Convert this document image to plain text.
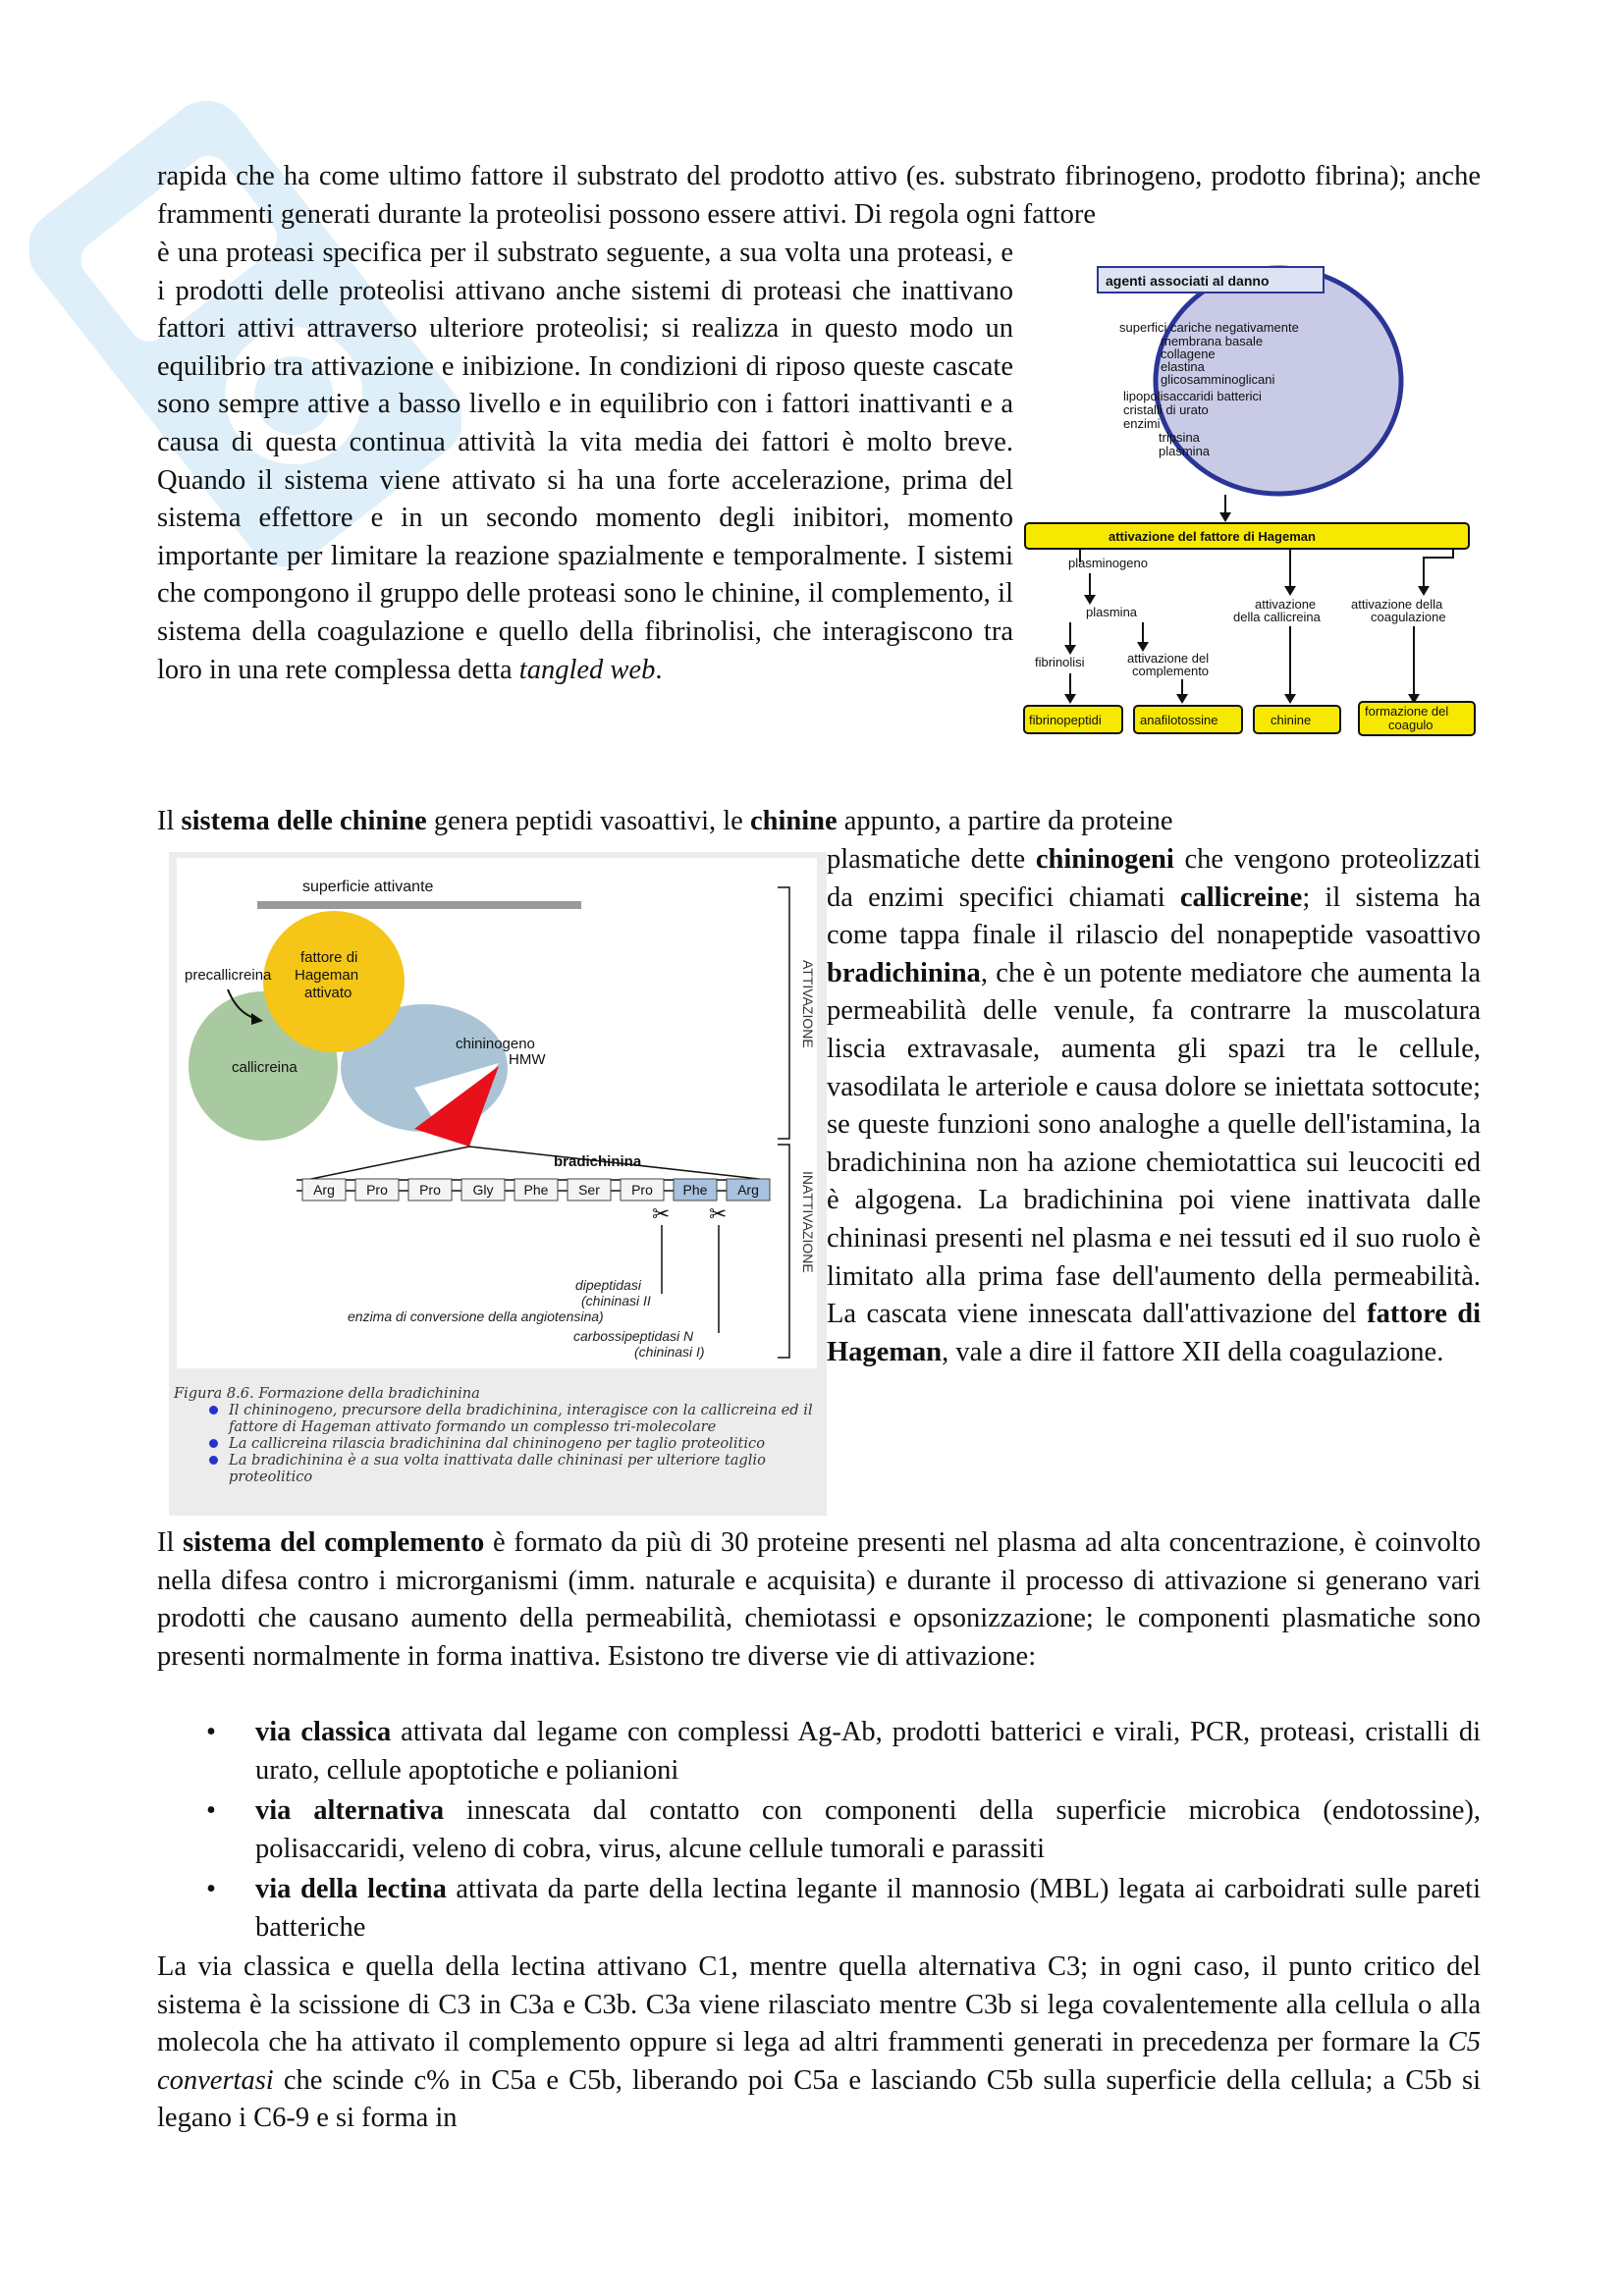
rapida che ha come ultimo fattore il substrato del prodotto attivo (es. substrato fibrinogeno, prodotto fibrina); anche frammenti generati durante la proteolisi possono essere attivi. Di regola ogni fattore
è una proteasi specifica per il substrato seguente, a sua volta una proteasi, e i prodotti delle proteolisi attivano anche sistemi di proteasi che inattivano fattori attivi attraverso ulteriore proteolisi; si realizza in questo modo un equilibrio tra attivazione e inibizione. In condizioni di riposo queste cascate sono sempre attive a basso livello e in equilibrio con i fattori inattivanti e a causa di questa continua attività la vita media dei fattori è molto breve. Quando il sistema viene attivato si ha una forte accelerazione, prima del sistema effettore e in un secondo momento degli inibitori, momento importante per limitare la reazione spazialmente e temporalmente. I sistemi che compongono il gruppo delle proteasi sono le chinine, il complemento, il sistema della coagulazione e quello della fibrinolisi, che interagiscono tra loro in una rete complessa detta tangled web.
agenti associati al danno
superfici cariche negativamente
membrana basale
collagene
elastina
glicosamminoglicani
lipopolisaccaridi batterici
cristalli di urato
enzimi
tripsina
plasmina
attivazione del fattore di Hageman
plasminogeno
plasmina
attivazione
della callicreina
attivazione della
coagulazione
fibrinolisi	attivazione del
complemento
fibrinopeptidi	anafilotossine	chinine
formazione del
coagulo
Il sistema delle chinine genera peptidi vasoattivi, le chinine appunto, a partire da proteine
superficie attivante
fattore di
Hageman
attivato
precallicreina
callicreina
chininogeno
HMW
bradichinina
Arg Pro Pro Gly Phe Ser Pro Phe Arg
✂ ✂
dipeptidasi
(chininasi II
enzima di conversione della angiotensina)
carbossipeptidasi N
(chininasi I)
ATTIVAZIONE
INATTIVAZIONE
Figura 8.6. Formazione della bradichinina
Il chininogeno, precursore della bradichinina, interagisce con la callicreina ed il fattore di Hageman attivato formando un complesso tri-molecolare
La callicreina rilascia bradichinina dal chininogeno per taglio proteolitico
La bradichinina è a sua volta inattivata dalle chininasi per ulteriore taglio proteolitico
plasmatiche dette chininogeni che vengono proteolizzati da enzimi specifici chiamati callicreine; il sistema ha come tappa finale il rilascio del nonapeptide vasoattivo bradichinina, che è un potente mediatore che aumenta la permeabilità delle venule, fa contrarre la muscolatura liscia extravasale, aumenta gli spazi tra le cellule, vasodilata le arteriole e causa dolore se iniettata sottocute; se queste funzioni sono analoghe a quelle dell'istamina, la bradichinina non ha azione chemiotattica sui leucociti ed è algogena. La bradichinina poi viene inattivata dalle chininasi presenti nel plasma e nei tessuti ed il suo ruolo è limitato alla prima fase dell'aumento della permeabilità. La cascata viene innescata dall'attivazione del fattore di Hageman, vale a dire il fattore XII della coagulazione.
Il sistema del complemento è formato da più di 30 proteine presenti nel plasma ad alta concentrazione, è coinvolto nella difesa contro i microrganismi (imm. naturale e acquisita) e durante il processo di attivazione si generano vari prodotti che causano aumento della permeabilità, chemiotassi e opsonizzazione; le componenti plasmatiche sono presenti normalmente in forma inattiva. Esistono tre diverse vie di attivazione:
• via classica attivata dal legame con complessi Ag-Ab, prodotti batterici e virali, PCR, proteasi, cristalli di urato, cellule apoptotiche e polianioni
• via alternativa innescata dal contatto con componenti della superficie microbica (endotossine), polisaccaridi, veleno di cobra, virus, alcune cellule tumorali e parassiti
• via della lectina attivata da parte della lectina legante il mannosio (MBL) legata ai carboidrati sulle pareti batteriche
La via classica e quella della lectina attivano C1, mentre quella alternativa C3; in ogni caso, il punto critico del sistema è la scissione di C3 in C3a e C3b. C3a viene rilasciato mentre C3b si lega covalentemente alla cellula o alla molecola che ha attivato il complemento oppure si lega ad altri frammenti generati in precedenza per formare la C5 convertasi che scinde c% in C5a e C5b, liberando poi C5a e lasciando C5b sulla superficie della cellula; a C5b si legano i C6-9 e si forma in
